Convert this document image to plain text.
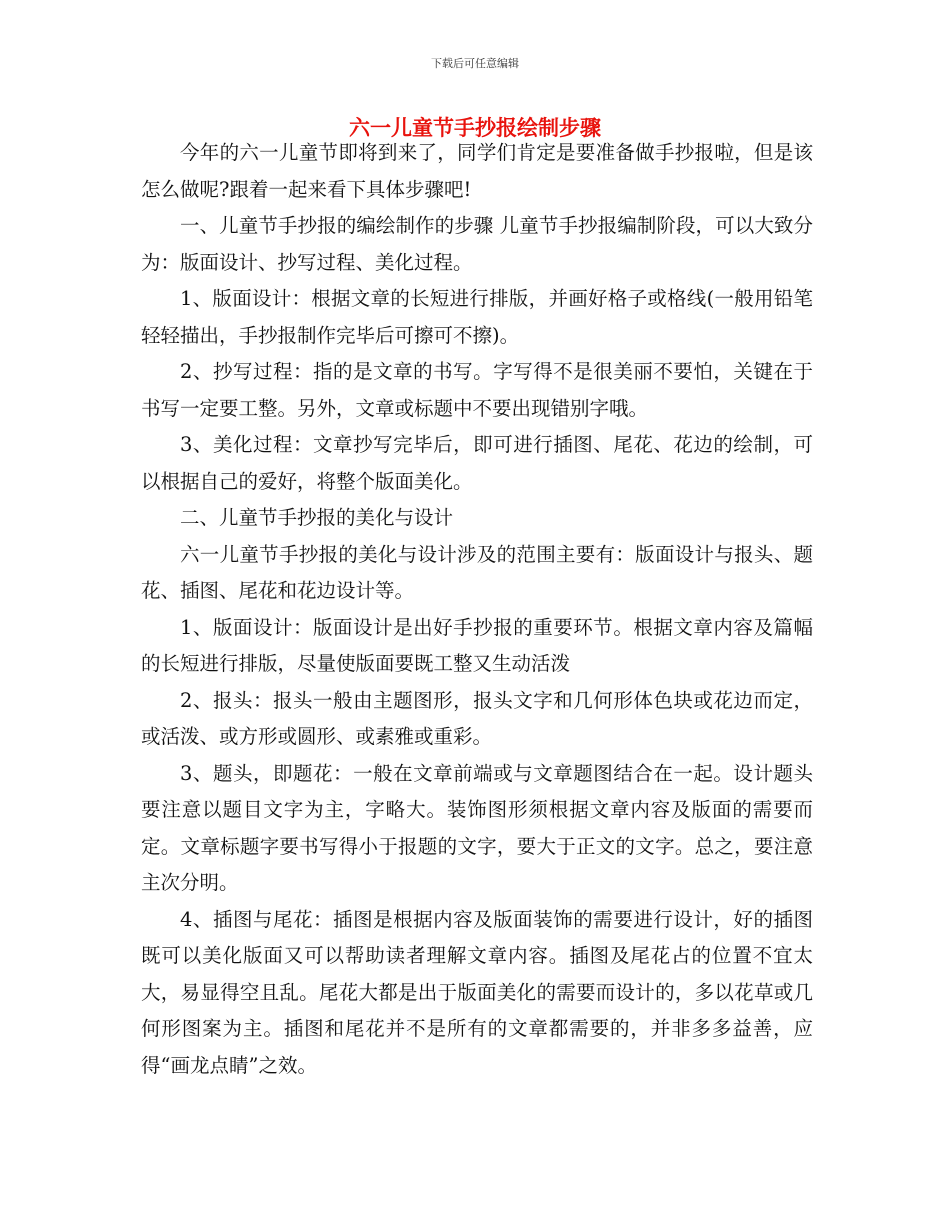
下载后可任意编辑
六一儿童节手抄报绘制步骤

今年的六一儿童节即将到来了，同学们肯定是要准备做手抄报啦，但是该怎么做呢?跟着一起来看下具体步骤吧!

一、儿童节手抄报的编绘制作的步骤 儿童节手抄报编制阶段，可以大致分为：版面设计、抄写过程、美化过程。

1、版面设计：根据文章的长短进行排版，并画好格子或格线(一般用铅笔轻轻描出，手抄报制作完毕后可擦可不擦)。

2、抄写过程：指的是文章的书写。字写得不是很美丽不要怕，关键在于书写一定要工整。另外，文章或标题中不要出现错别字哦。

3、美化过程：文章抄写完毕后，即可进行插图、尾花、花边的绘制，可以根据自己的爱好，将整个版面美化。

二、儿童节手抄报的美化与设计

六一儿童节手抄报的美化与设计涉及的范围主要有：版面设计与报头、题花、插图、尾花和花边设计等。

1、版面设计：版面设计是出好手抄报的重要环节。根据文章内容及篇幅的长短进行排版，尽量使版面要既工整又生动活泼

2、报头：报头一般由主题图形，报头文字和几何形体色块或花边而定，或活泼、或方形或圆形、或素雅或重彩。

3、题头，即题花：一般在文章前端或与文章题图结合在一起。设计题头要注意以题目文字为主，字略大。装饰图形须根据文章内容及版面的需要而定。文章标题字要书写得小于报题的文字，要大于正文的文字。总之，要注意主次分明。

4、插图与尾花：插图是根据内容及版面装饰的需要进行设计，好的插图既可以美化版面又可以帮助读者理解文章内容。插图及尾花占的位置不宜太大，易显得空且乱。尾花大都是出于版面美化的需要而设计的，多以花草或几何形图案为主。插图和尾花并不是所有的文章都需要的，并非多多益善，应得“画龙点睛”之效。
